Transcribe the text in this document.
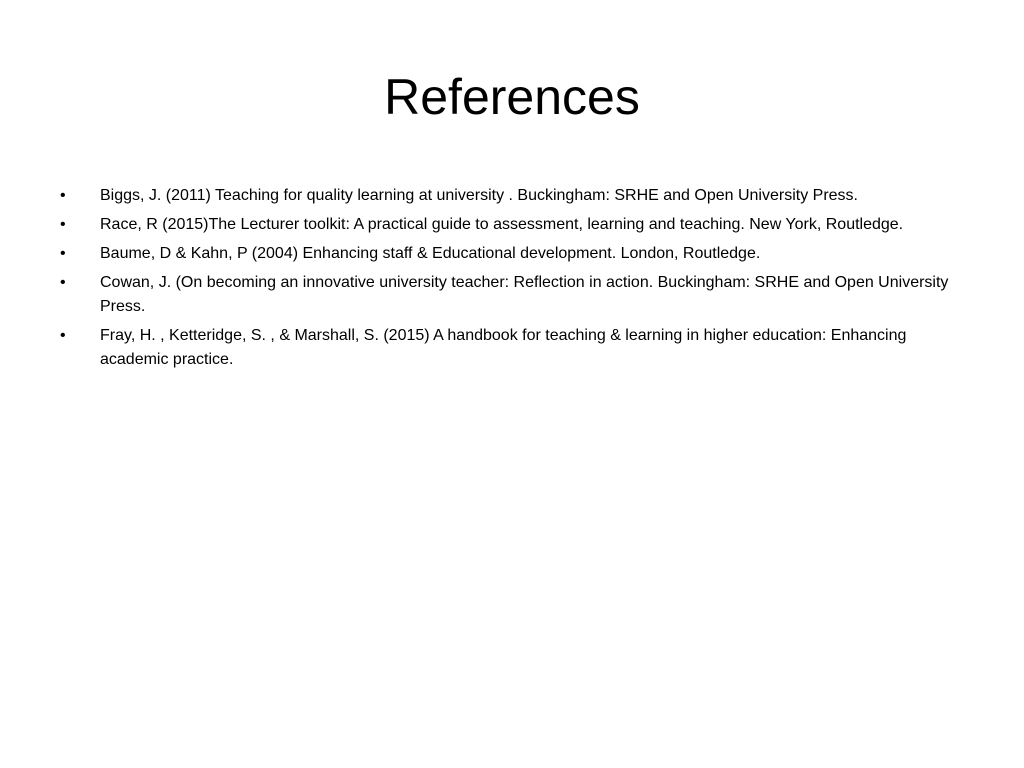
References
•	Biggs, J. (2011) Teaching for quality learning at university . Buckingham: SRHE and Open University Press.
•	Race, R (2015)The Lecturer toolkit: A practical guide to assessment, learning and teaching. New York, Routledge.
•	Baume, D & Kahn, P (2004) Enhancing staff & Educational development. London, Routledge.
•	Cowan, J. (On becoming an innovative university teacher: Reflection in action. Buckingham: SRHE and Open University Press.
•	Fray, H. , Ketteridge, S. , & Marshall, S. (2015) A handbook for teaching & learning in higher education: Enhancing academic practice.
